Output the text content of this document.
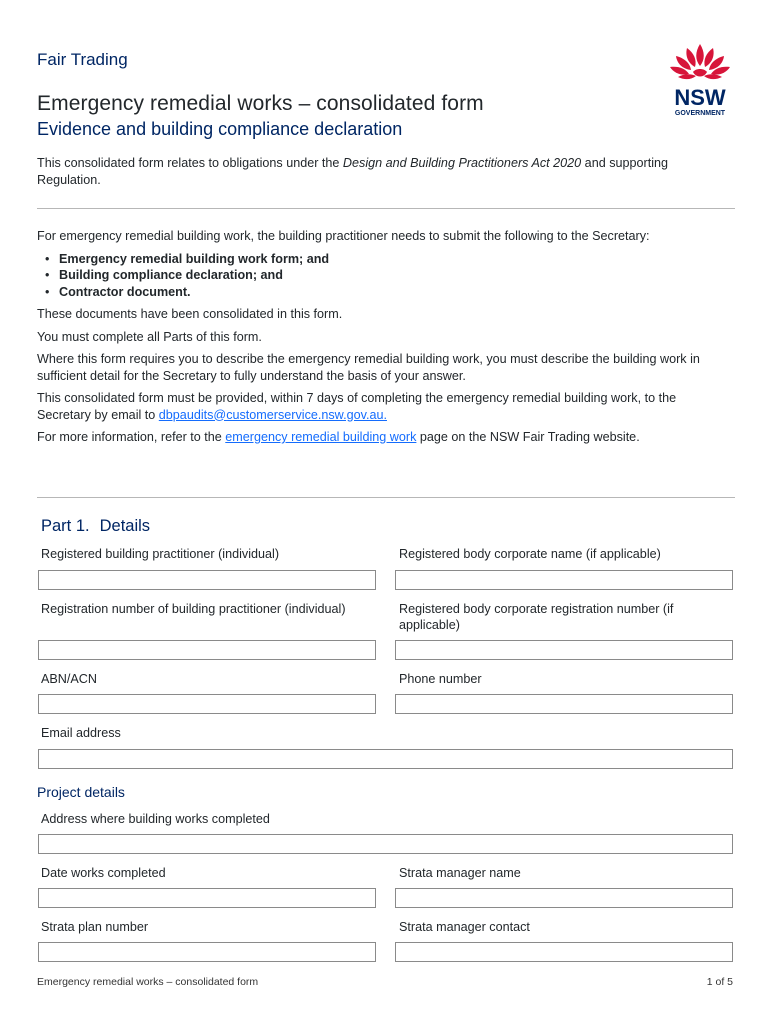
Fair Trading
Emergency remedial works – consolidated form
Evidence and building compliance declaration
NSW
GOVERNMENT
This consolidated form relates to obligations under the Design and Building Practitioners Act 2020 and supporting Regulation.

For emergency remedial building work, the building practitioner needs to submit the following to the Secretary:

• Emergency remedial building work form; and
• Building compliance declaration; and
• Contractor document.

These documents have been consolidated in this form.

You must complete all Parts of this form.

Where this form requires you to describe the emergency remedial building work, you must describe the building work in sufficient detail for the Secretary to fully understand the basis of your answer.

This consolidated form must be provided, within 7 days of completing the emergency remedial building work, to the Secretary by email to dbpaudits@customerservice.nsw.gov.au.

For more information, refer to the emergency remedial building work page on the NSW Fair Trading website.

Part 1. Details
Registered building practitioner (individual)	Registered body corporate name (if applicable)
Registration number of building practitioner (individual)	Registered body corporate registration number (if applicable)
ABN/ACN	Phone number
Email address
Project details
Address where building works completed
Date works completed	Strata manager name
Strata plan number	Strata manager contact
Emergency remedial works – consolidated form	1 of 5
